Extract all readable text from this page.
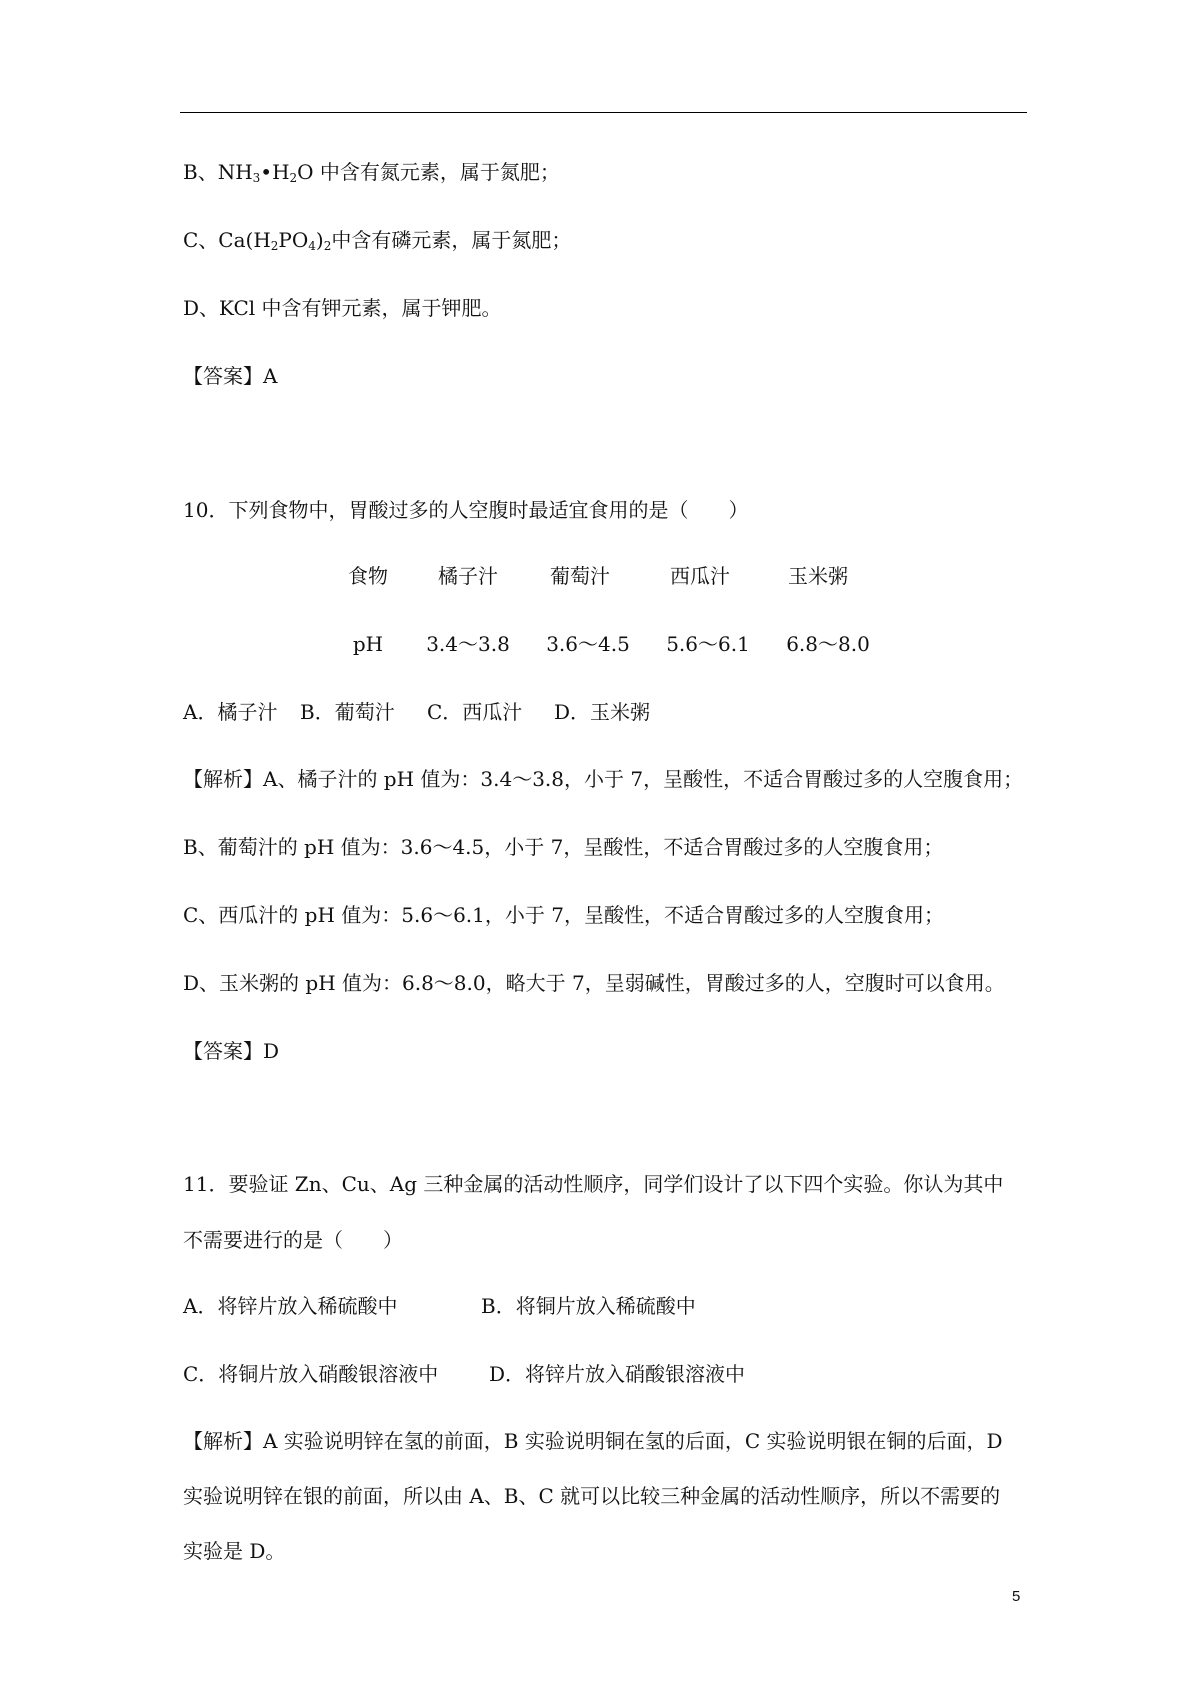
B、$NH_3•H_2O$ 中含有氮元素，属于氮肥；
C、$Ca(H_2PO_4)_2$中含有磷元素，属于氮肥；
D、KCl 中含有钾元素，属于钾肥。
【答案】A
10．下列食物中，胃酸过多的人空腹时最适宜食用的是（　　）
食物	橘子汁	葡萄汁	西瓜汁	玉米粥
pH	3.4～3.8	3.6～4.5	5.6～6.1	6.8～8.0
A．橘子汁 B．葡萄汁 C．西瓜汁 D．玉米粥
【解析】A、橘子汁的 pH 值为：3.4～3.8，小于 7，呈酸性，不适合胃酸过多的人空腹食用；
B、葡萄汁的 pH 值为：3.6～4.5，小于 7，呈酸性，不适合胃酸过多的人空腹食用；
C、西瓜汁的 pH 值为：5.6～6.1，小于 7，呈酸性，不适合胃酸过多的人空腹食用；
D、玉米粥的 pH 值为：6.8～8.0，略大于 7，呈弱碱性，胃酸过多的人，空腹时可以食用。
【答案】D
11．要验证 Zn、Cu、Ag 三种金属的活动性顺序，同学们设计了以下四个实验。你认为其中
不需要进行的是（　　）
A．将锌片放入稀硫酸中	B．将铜片放入稀硫酸中
C．将铜片放入硝酸银溶液中	D．将锌片放入硝酸银溶液中
【解析】A 实验说明锌在氢的前面，B 实验说明铜在氢的后面，C 实验说明银在铜的后面，D
实验说明锌在银的前面，所以由 A、B、C 就可以比较三种金属的活动性顺序，所以不需要的
实验是 D。
5
